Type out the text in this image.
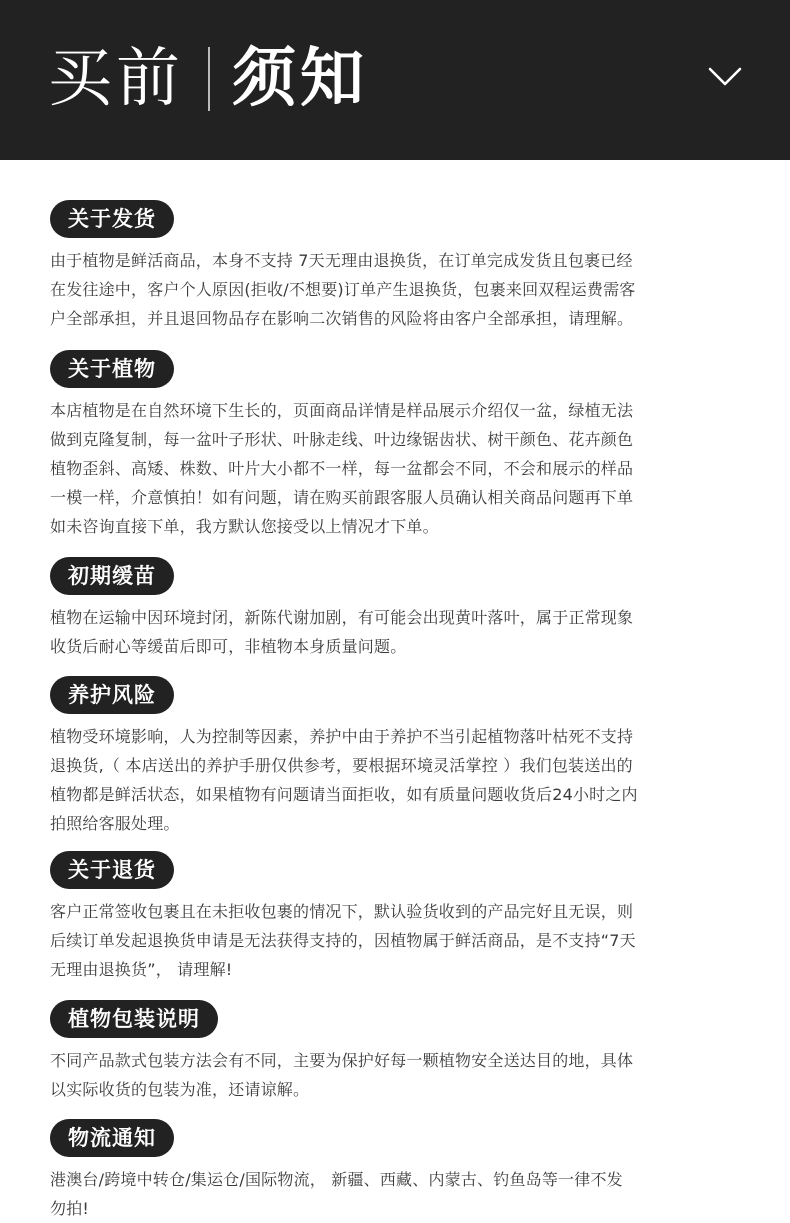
买前 须知
关于发货

由于植物是鲜活商品，本身不支持 7天无理由退换货，在订单完成发货且包裹已经

在发往途中，客户个人原因(拒收/不想要)订单产生退换货，包裹来回双程运费需客

户全部承担，并且退回物品存在影响二次销售的风险将由客户全部承担，请理解。

关于植物

本店植物是在自然环境下生长的，页面商品详情是样品展示介绍仅一盆，绿植无法

做到克隆复制，每一盆叶子形状、叶脉走线、叶边缘锯齿状、树干颜色、花卉颜色

植物歪斜、高矮、株数、叶片大小都不一样，每一盆都会不同，不会和展示的样品

一模一样，介意慎拍！如有问题，请在购买前跟客服人员确认相关商品问题再下单

如未咨询直接下单，我方默认您接受以上情况才下单。

初期缓苗

植物在运输中因环境封闭，新陈代谢加剧，有可能会出现黄叶落叶，属于正常现象

收货后耐心等缓苗后即可，非植物本身质量问题。

养护风险

植物受环境影响，人为控制等因素，养护中由于养护不当引起植物落叶枯死不支持

退换货,（ 本店送出的养护手册仅供参考，要根据环境灵活掌控 ）我们包装送出的

植物都是鲜活状态，如果植物有问题请当面拒收，如有质量问题收货后24小时之内

拍照给客服处理。

关于退货

客户正常签收包裹且在未拒收包裹的情况下，默认验货收到的产品完好且无误，则

后续订单发起退换货申请是无法获得支持的，因植物属于鲜活商品，是不支持“7天

无理由退换货”， 请理解!

植物包装说明

不同产品款式包装方法会有不同，主要为保护好每一颗植物安全送达目的地，具体

以实际收货的包装为准，还请谅解。

物流通知

港澳台/跨境中转仓/集运仓/国际物流， 新疆、西藏、内蒙古、钓鱼岛等一律不发

勿拍!
